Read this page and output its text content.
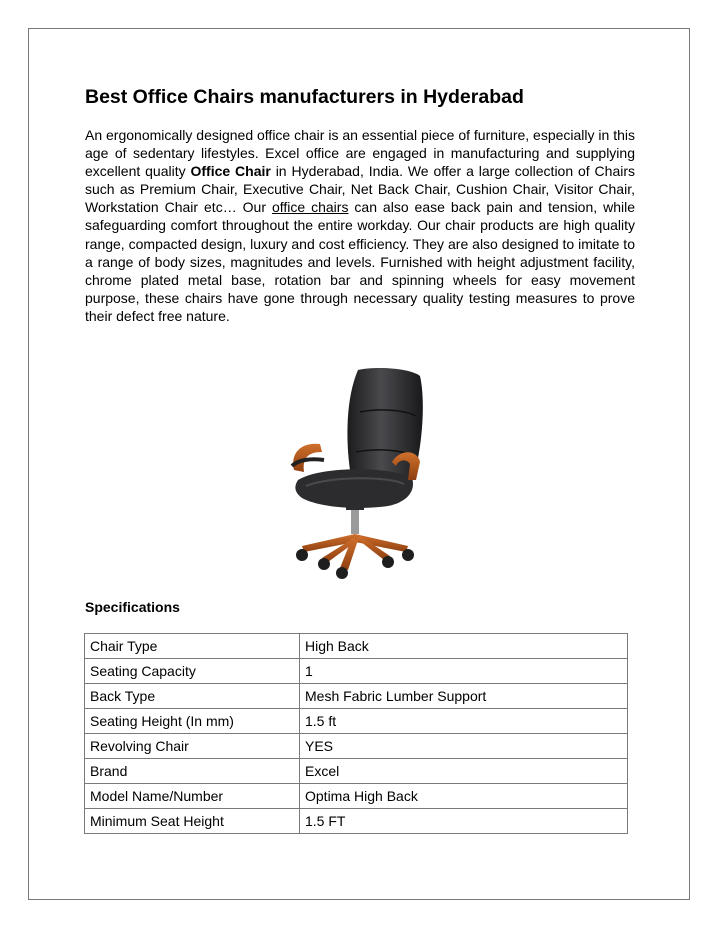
Best Office Chairs manufacturers in Hyderabad

An ergonomically designed office chair is an essential piece of furniture, especially in this age of sedentary lifestyles. Excel office are engaged in manufacturing and supplying excellent quality Office Chair in Hyderabad, India. We offer a large collection of Chairs such as Premium Chair, Executive Chair, Net Back Chair, Cushion Chair, Visitor Chair, Workstation Chair etc… Our office chairs can also ease back pain and tension, while safeguarding comfort throughout the entire workday. Our chair products are high quality range, compacted design, luxury and cost efficiency. They are also designed to imitate to a range of body sizes, magnitudes and levels. Furnished with height adjustment facility, chrome plated metal base, rotation bar and spinning wheels for easy movement purpose, these chairs have gone through necessary quality testing measures to prove their defect free nature.

Specifications
Chair Type	High Back
Seating Capacity	1
Back Type	Mesh Fabric Lumber Support
Seating Height (In mm)	1.5 ft
Revolving Chair	YES
Brand	Excel
Model Name/Number	Optima High Back
Minimum Seat Height	1.5 FT
